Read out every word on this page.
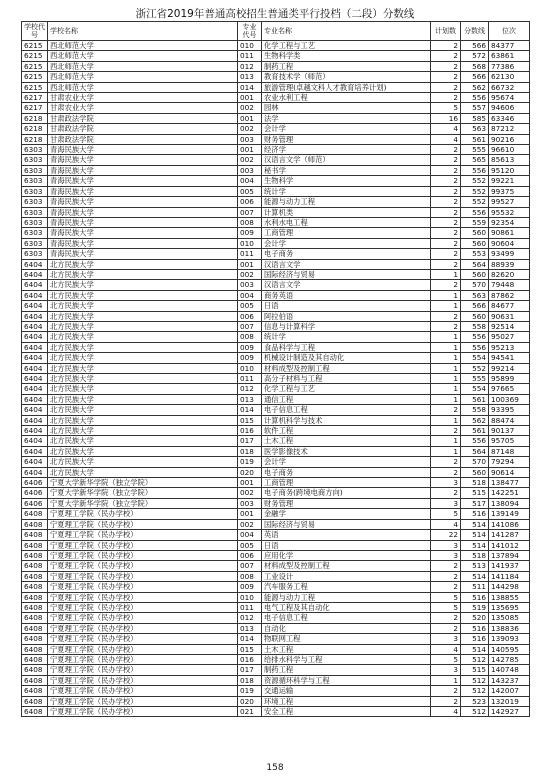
浙江省2019年普通高校招生普通类平行投档（二段）分数线
学校代号	学校名称	专业代号	专业名称	计划数	分数线	位次
6215	西北师范大学	010	化学工程与工艺	2	566	84377
6215	西北师范大学	011	生物科学类	2	572	63861
6215	西北师范大学	012	制药工程	2	568	77386
6215	西北师范大学	013	教育技术学（师范）	2	566	62130
6215	西北师范大学	014	旅游管理(卓越文科人才教育培养计划)	2	562	66732
6217	甘肃农业大学	001	农业水利工程	2	556	95674
6217	甘肃农业大学	002	园林	5	557	94606
6218	甘肃政法学院	001	法学	16	585	63346
6218	甘肃政法学院	002	会计学	4	563	87212
6218	甘肃政法学院	003	财务管理	4	561	90216
6303	青海民族大学	001	经济学	2	555	96610
6303	青海民族大学	002	汉语言文学（师范）	2	565	85613
6303	青海民族大学	003	秘书学	2	556	95120
6303	青海民族大学	004	生物科学	2	552	99221
6303	青海民族大学	005	统计学	2	552	99375
6303	青海民族大学	006	能源与动力工程	2	552	99527
6303	青海民族大学	007	计算机类	2	556	95532
6303	青海民族大学	008	水利水电工程	2	559	92354
6303	青海民族大学	009	工商管理	2	560	90861
6303	青海民族大学	010	会计学	2	560	90604
6303	青海民族大学	011	电子商务	2	553	93499
6404	北方民族大学	001	汉语言文学	2	564	88939
6404	北方民族大学	002	国际经济与贸易	1	560	82620
6404	北方民族大学	003	汉语言文学	2	570	79448
6404	北方民族大学	004	商务英语	1	563	87862
6404	北方民族大学	005	日语	1	566	84677
6404	北方民族大学	006	阿拉伯语	2	560	90631
6404	北方民族大学	007	信息与计算科学	2	558	92514
6404	北方民族大学	008	统计学	1	556	95027
6404	北方民族大学	009	食品科学与工程	1	556	95213
6404	北方民族大学	009	机械设计制造及其自动化	1	554	94541
6404	北方民族大学	010	材料成型及控制工程	1	552	99214
6404	北方民族大学	011	高分子材料与工程	1	555	95899
6404	北方民族大学	012	化学工程与工艺	1	554	97665
6404	北方民族大学	013	通信工程	1	561	100369
6404	北方民族大学	014	电子信息工程	2	558	93395
6404	北方民族大学	015	计算机科学与技术	1	562	88474
6404	北方民族大学	016	软件工程	2	561	90137
6404	北方民族大学	017	土木工程	1	556	95705
6404	北方民族大学	018	医学影像技术	1	564	87148
6404	北方民族大学	019	会计学	2	570	79294
6404	北方民族大学	020	电子商务	2	560	90614
6406	宁夏大学新华学院（独立学院）	001	工商管理	3	518	138477
6406	宁夏大学新华学院（独立学院）	002	电子商务(跨境电商方向)	2	515	142251
6406	宁夏大学新华学院（独立学院）	003	财务管理	3	517	138094
6408	宁夏理工学院（民办学校）	001	金融学	5	516	139149
6408	宁夏理工学院（民办学校）	002	国际经济与贸易	4	514	141086
6408	宁夏理工学院（民办学校）	004	英语	22	514	141287
6408	宁夏理工学院（民办学校）	005	日语	3	514	141012
6408	宁夏理工学院（民办学校）	006	应用化学	3	518	137894
6408	宁夏理工学院（民办学校）	007	材料成型及控制工程	2	513	141937
6408	宁夏理工学院（民办学校）	008	工业设计	2	514	141184
6408	宁夏理工学院（民办学校）	009	汽车服务工程	2	511	144298
6408	宁夏理工学院（民办学校）	010	能源与动力工程	5	516	138855
6408	宁夏理工学院（民办学校）	011	电气工程及其自动化	5	519	135695
6408	宁夏理工学院（民办学校）	012	电子信息工程	2	520	135085
6408	宁夏理工学院（民办学校）	013	自动化	2	516	138836
6408	宁夏理工学院（民办学校）	014	物联网工程	3	516	139093
6408	宁夏理工学院（民办学校）	015	土木工程	4	514	140595
6408	宁夏理工学院（民办学校）	016	给排水科学与工程	5	512	142785
6408	宁夏理工学院（民办学校）	017	制药工程	3	515	140748
6408	宁夏理工学院（民办学校）	018	资源循环科学与工程	1	512	143237
6408	宁夏理工学院（民办学校）	019	交通运输	2	512	142007
6408	宁夏理工学院（民办学校）	020	环境工程	2	523	132019
6408	宁夏理工学院（民办学校）	021	安全工程	4	512	142927
158
